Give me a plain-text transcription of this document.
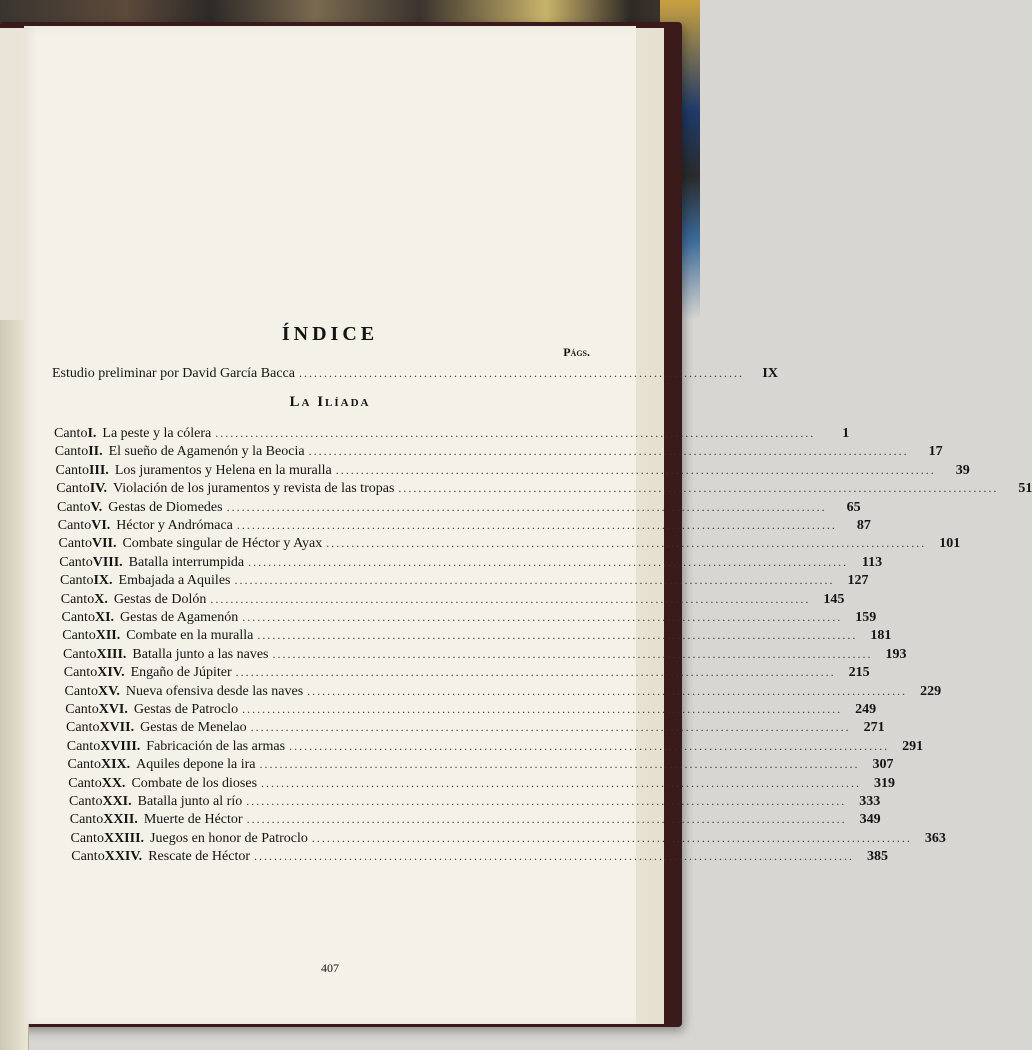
ÍNDICE
Págs.
Estudio preliminar por David García Bacca .........................................................................................	IX
La Ilíada
Canto I. La peste y la cólera ........................................................................................................................	1
Canto II. El sueño de Agamenón y la Beocia ........................................................................................................................	17
Canto III. Los juramentos y Helena en la muralla ........................................................................................................................	39
Canto IV. Violación de los juramentos y revista de las tropas ........................................................................................................................	51
Canto V. Gestas de Diomedes ........................................................................................................................	65
Canto VI. Héctor y Andrómaca ........................................................................................................................	87
Canto VII. Combate singular de Héctor y Ayax ........................................................................................................................ 101
Canto VIII. Batalla interrumpida ........................................................................................................................ 113
Canto IX. Embajada a Aquiles ........................................................................................................................ 127
Canto X. Gestas de Dolón ........................................................................................................................ 145
Canto XI. Gestas de Agamenón ........................................................................................................................ 159
Canto XII. Combate en la muralla ........................................................................................................................ 181
Canto XIII. Batalla junto a las naves ........................................................................................................................ 193
Canto XIV. Engaño de Júpiter ........................................................................................................................ 215
Canto XV. Nueva ofensiva desde las naves ........................................................................................................................ 229
Canto XVI. Gestas de Patroclo ........................................................................................................................ 249
Canto XVII. Gestas de Menelao ........................................................................................................................ 271
Canto XVIII. Fabricación de las armas ........................................................................................................................ 291
Canto XIX. Aquiles depone la ira ........................................................................................................................ 307
Canto XX. Combate de los dioses ........................................................................................................................ 319
Canto XXI. Batalla junto al río ........................................................................................................................ 333
Canto XXII. Muerte de Héctor ........................................................................................................................ 349
Canto XXIII. Juegos en honor de Patroclo ........................................................................................................................ 363
Canto XXIV. Rescate de Héctor ........................................................................................................................ 385
407
